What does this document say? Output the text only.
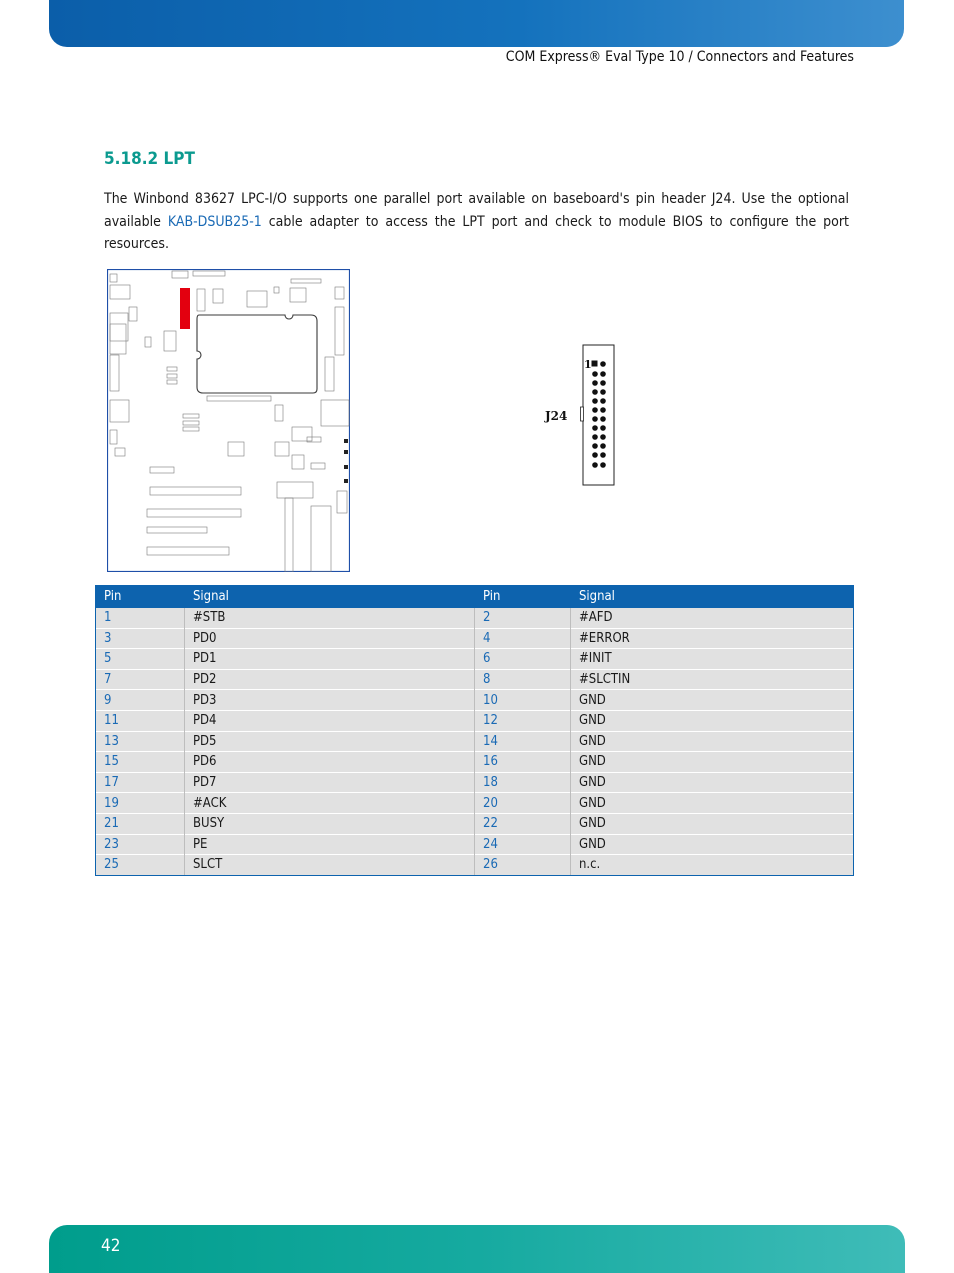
COM Express® Eval Type 10 / Connectors and Features
5.18.2 LPT

The Winbond 83627 LPC-I/O supports one parallel port available on baseboard's pin header J24. Use the optional available KAB-DSUB25-1 cable adapter to access the LPT port and check to module BIOS to configure the port resources.

1
J24
Pin	Signal	Pin	Signal
1	#STB	2	#AFD
3	PD0	4	#ERROR
5	PD1	6	#INIT
7	PD2	8	#SLCTIN
9	PD3	10	GND
11	PD4	12	GND
13	PD5	14	GND
15	PD6	16	GND
17	PD7	18	GND
19	#ACK	20	GND
21	BUSY	22	GND
23	PE	24	GND
25	SLCT	26	n.c.
42
